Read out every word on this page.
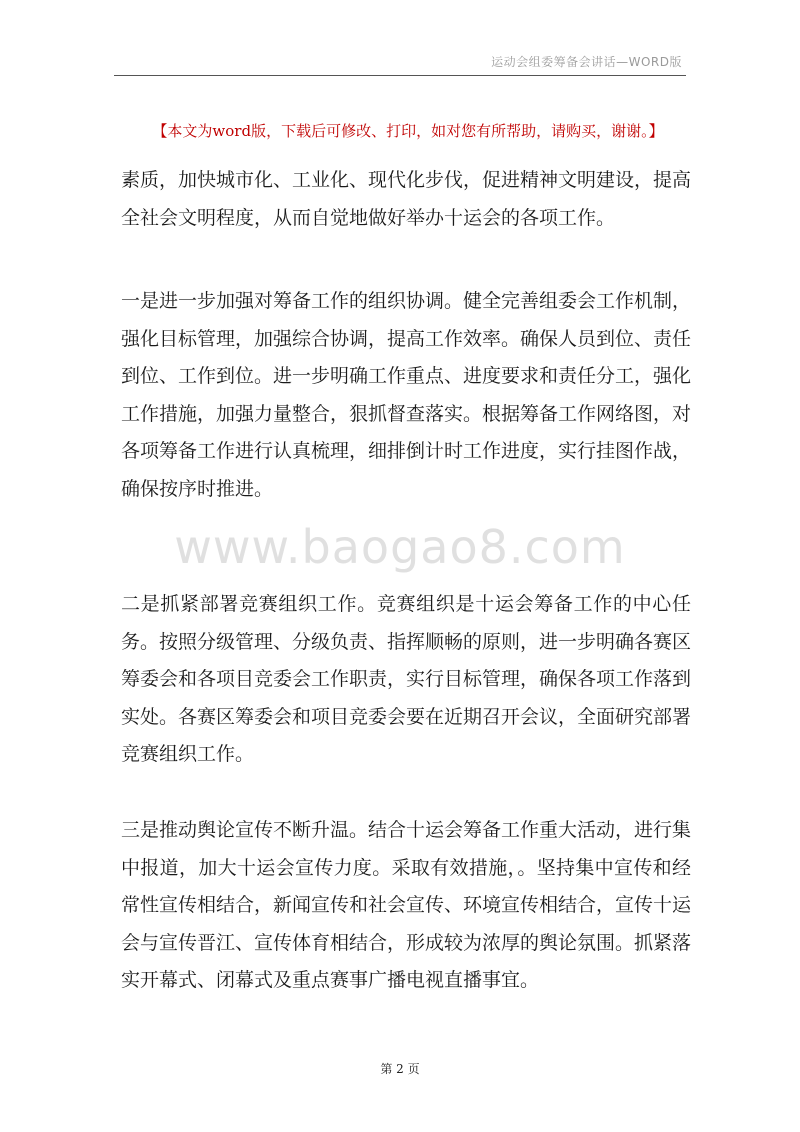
运动会组委筹备会讲话—WORD版
【本文为word版，下载后可修改、打印，如对您有所帮助，请购买，谢谢。】
www.baogao8.com

素质，加快城市化、工业化、现代化步伐，促进精神文明建设，提高全社会文明程度，从而自觉地做好举办十运会的各项工作。

一是进一步加强对筹备工作的组织协调。健全完善组委会工作机制，强化目标管理，加强综合协调，提高工作效率。确保人员到位、责任到位、工作到位。进一步明确工作重点、进度要求和责任分工，强化工作措施，加强力量整合，狠抓督查落实。根据筹备工作网络图，对各项筹备工作进行认真梳理，细排倒计时工作进度，实行挂图作战，确保按序时推进。

二是抓紧部署竞赛组织工作。竞赛组织是十运会筹备工作的中心任务。按照分级管理、分级负责、指挥顺畅的原则，进一步明确各赛区筹委会和各项目竞委会工作职责，实行目标管理，确保各项工作落到实处。各赛区筹委会和项目竞委会要在近期召开会议，全面研究部署竞赛组织工作。

三是推动舆论宣传不断升温。结合十运会筹备工作重大活动，进行集中报道，加大十运会宣传力度。采取有效措施，。坚持集中宣传和经常性宣传相结合，新闻宣传和社会宣传、环境宣传相结合，宣传十运会与宣传晋江、宣传体育相结合，形成较为浓厚的舆论氛围。抓紧落实开幕式、闭幕式及重点赛事广播电视直播事宜。

第 2 页
